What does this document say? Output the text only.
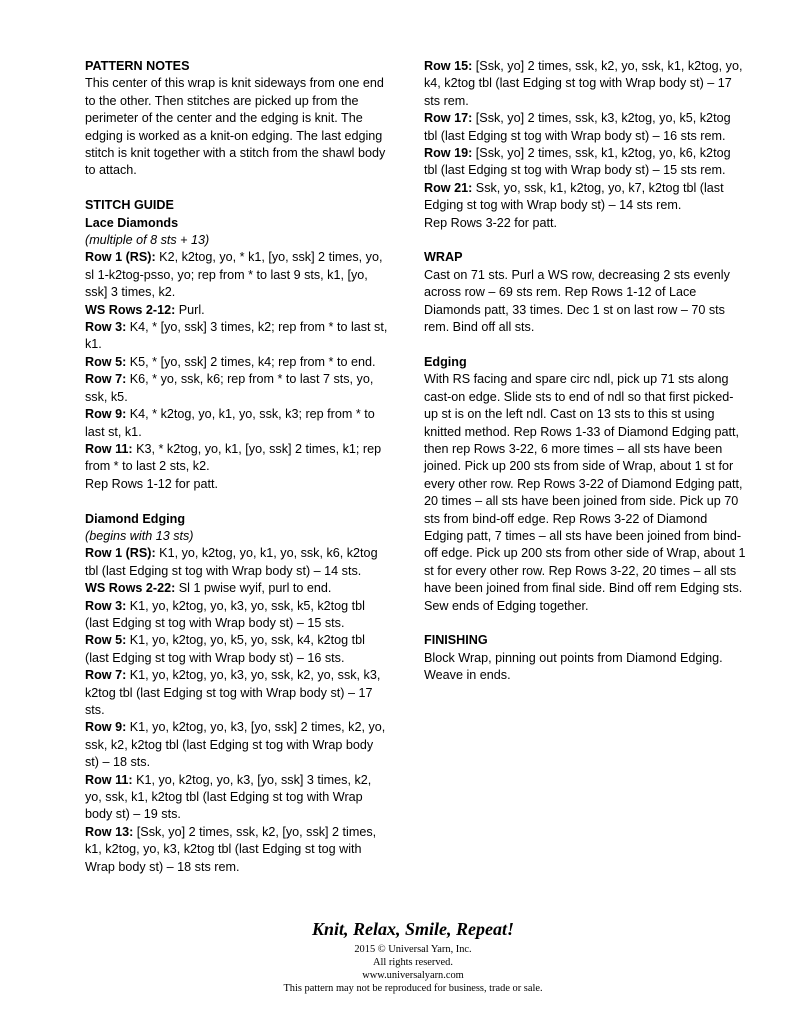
PATTERN NOTES

This center of this wrap is knit sideways from one end to the other. Then stitches are picked up from the perimeter of the center and the edging is knit. The edging is worked as a knit-on edging. The last edging stitch is knit together with a stitch from the shawl body to attach.

STITCH GUIDE

Lace Diamonds

(multiple of 8 sts + 13)

Row 1 (RS): K2, k2tog, yo, * k1, [yo, ssk] 2 times, yo, sl 1-k2tog-psso, yo; rep from * to last 9 sts, k1, [yo, ssk] 3 times, k2.

WS Rows 2-12: Purl.

Row 3: K4, * [yo, ssk] 3 times, k2; rep from * to last st, k1.

Row 5: K5, * [yo, ssk] 2 times, k4; rep from * to end.

Row 7: K6, * yo, ssk, k6; rep from * to last 7 sts, yo, ssk, k5.

Row 9: K4, * k2tog, yo, k1, yo, ssk, k3; rep from * to last st, k1.

Row 11: K3, * k2tog, yo, k1, [yo, ssk] 2 times, k1; rep from * to last 2 sts, k2.

Rep Rows 1-12 for patt.

Diamond Edging

(begins with 13 sts)

Row 1 (RS): K1, yo, k2tog, yo, k1, yo, ssk, k6, k2tog tbl (last Edging st tog with Wrap body st) – 14 sts.

WS Rows 2-22: Sl 1 pwise wyif, purl to end.

Row 3: K1, yo, k2tog, yo, k3, yo, ssk, k5, k2tog tbl (last Edging st tog with Wrap body st) – 15 sts.

Row 5: K1, yo, k2tog, yo, k5, yo, ssk, k4, k2tog tbl (last Edging st tog with Wrap body st) – 16 sts.

Row 7: K1, yo, k2tog, yo, k3, yo, ssk, k2, yo, ssk, k3, k2tog tbl (last Edging st tog with Wrap body st) – 17 sts.

Row 9: K1, yo, k2tog, yo, k3, [yo, ssk] 2 times, k2, yo, ssk, k2, k2tog tbl (last Edging st tog with Wrap body st) – 18 sts.

Row 11: K1, yo, k2tog, yo, k3, [yo, ssk] 3 times, k2, yo, ssk, k1, k2tog tbl (last Edging st tog with Wrap body st) – 19 sts.

Row 13: [Ssk, yo] 2 times, ssk, k2, [yo, ssk] 2 times, k1, k2tog, yo, k3, k2tog tbl (last Edging st tog with Wrap body st) – 18 sts rem.

Row 15: [Ssk, yo] 2 times, ssk, k2, yo, ssk, k1, k2tog, yo, k4, k2tog tbl (last Edging st tog with Wrap body st) – 17 sts rem.

Row 17: [Ssk, yo] 2 times, ssk, k3, k2tog, yo, k5, k2tog tbl (last Edging st tog with Wrap body st) – 16 sts rem.

Row 19: [Ssk, yo] 2 times, ssk, k1, k2tog, yo, k6, k2tog tbl (last Edging st tog with Wrap body st) – 15 sts rem.

Row 21: Ssk, yo, ssk, k1, k2tog, yo, k7, k2tog tbl (last Edging st tog with Wrap body st) – 14 sts rem.

Rep Rows 3-22 for patt.

WRAP

Cast on 71 sts. Purl a WS row, decreasing 2 sts evenly across row – 69 sts rem. Rep Rows 1-12 of Lace Diamonds patt, 33 times. Dec 1 st on last row – 70 sts rem. Bind off all sts.

Edging

With RS facing and spare circ ndl, pick up 71 sts along cast-on edge. Slide sts to end of ndl so that first picked-up st is on the left ndl. Cast on 13 sts to this st using knitted method. Rep Rows 1-33 of Diamond Edging patt, then rep Rows 3-22, 6 more times – all sts have been joined. Pick up 200 sts from side of Wrap, about 1 st for every other row. Rep Rows 3-22 of Diamond Edging patt, 20 times – all sts have been joined from side. Pick up 70 sts from bind-off edge. Rep Rows 3-22 of Diamond Edging patt, 7 times – all sts have been joined from bind-off edge. Pick up 200 sts from other side of Wrap, about 1 st for every other row. Rep Rows 3-22, 20 times – all sts have been joined from final side. Bind off rem Edging sts. Sew ends of Edging together.

FINISHING

Block Wrap, pinning out points from Diamond Edging. Weave in ends.

Knit, Relax, Smile, Repeat!

2015 © Universal Yarn, Inc.

All rights reserved.

www.universalyarn.com

This pattern may not be reproduced for business, trade or sale.
